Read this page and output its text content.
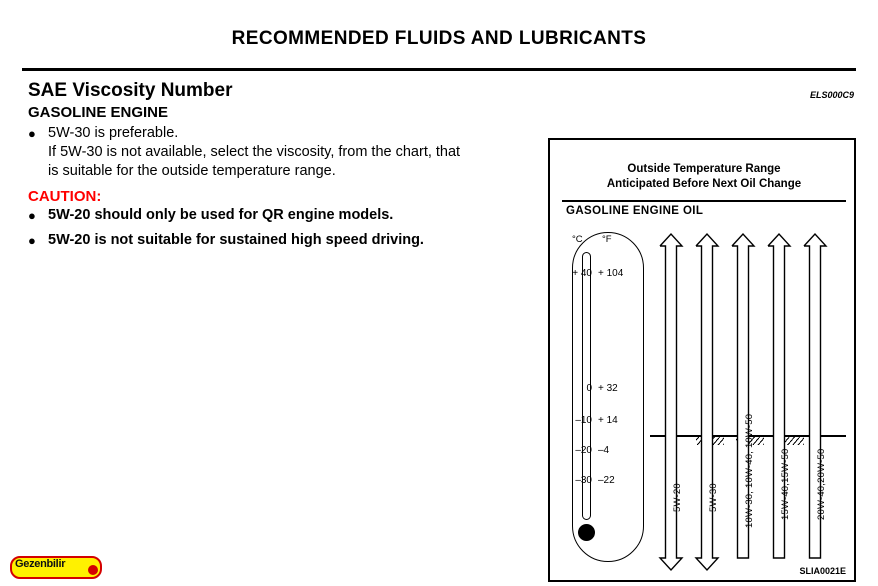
RECOMMENDED FLUIDS AND LUBRICANTS
SAE Viscosity Number
GASOLINE ENGINE
ELS000C9
● 5W-30 is preferable.
If 5W-30 is not available, select the viscosity, from the chart, that
is suitable for the outside temperature range.
CAUTION:
● 5W-20 should only be used for QR engine models.
● 5W-20 is not suitable for sustained high speed driving.
Outside Temperature Range
Anticipated Before Next Oil Change
GASOLINE ENGINE OIL
°C °F
+ 40 + 104
0 + 32
–10 + 14
–20 –4
–30 –22
5W-20	5W-30	10W-30, 10W-40, 10W-50	15W-40,15W-50	20W-40,20W-50
SLIA0021E
Gezenbilir
